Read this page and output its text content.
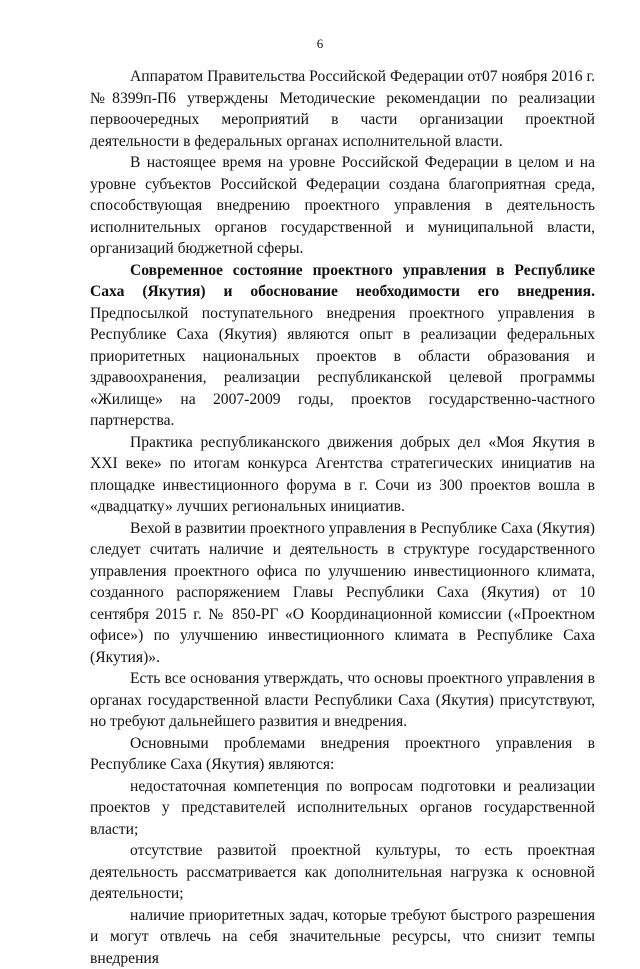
6

Аппаратом Правительства Российской Федерации от07 ноября 2016 г. №8399п-П6 утверждены Методические рекомендации по реализации первоочередных мероприятий в части организации проектной деятельности в федеральных органах исполнительной власти.

В настоящее время на уровне Российской Федерации в целом и на уровне субъектов Российской Федерации создана благоприятная среда, способствующая внедрению проектного управления в деятельность исполнительных органов государственной и муниципальной власти, организаций бюджетной сферы.

Современное состояние проектного управления в Республике Саха (Якутия) и обоснование необходимости его внедрения. Предпосылкой поступательного внедрения проектного управления в Республике Саха (Якутия) являются опыт в реализации федеральных приоритетных национальных проектов в области образования и здравоохранения, реализации республиканской целевой программы «Жилище» на 2007-2009 годы, проектов государственно-частного партнерства.

Практика республиканского движения добрых дел «Моя Якутия в XXI веке» по итогам конкурса Агентства стратегических инициатив на площадке инвестиционного форума в г. Сочи из 300 проектов вошла в «двадцатку» лучших региональных инициатив.

Вехой в развитии проектного управления в Республике Саха (Якутия) следует считать наличие и деятельность в структуре государственного управления проектного офиса по улучшению инвестиционного климата, созданного распоряжением Главы Республики Саха (Якутия) от 10 сентября 2015 г. № 850-РГ «О Координационной комиссии («Проектном офисе») по улучшению инвестиционного климата в Республике Саха (Якутия)».

Есть все основания утверждать, что основы проектного управления в органах государственной власти Республики Саха (Якутия) присутствуют, но требуют дальнейшего развития и внедрения.

Основными проблемами внедрения проектного управления в Республике Саха (Якутия) являются:

недостаточная компетенция по вопросам подготовки и реализации проектов у представителей исполнительных органов государственной власти;

отсутствие развитой проектной культуры, то есть проектная деятельность рассматривается как дополнительная нагрузка к основной деятельности;

наличие приоритетных задач, которые требуют быстрого разрешения и могут отвлечь на себя значительные ресурсы, что снизит темпы внедрения
